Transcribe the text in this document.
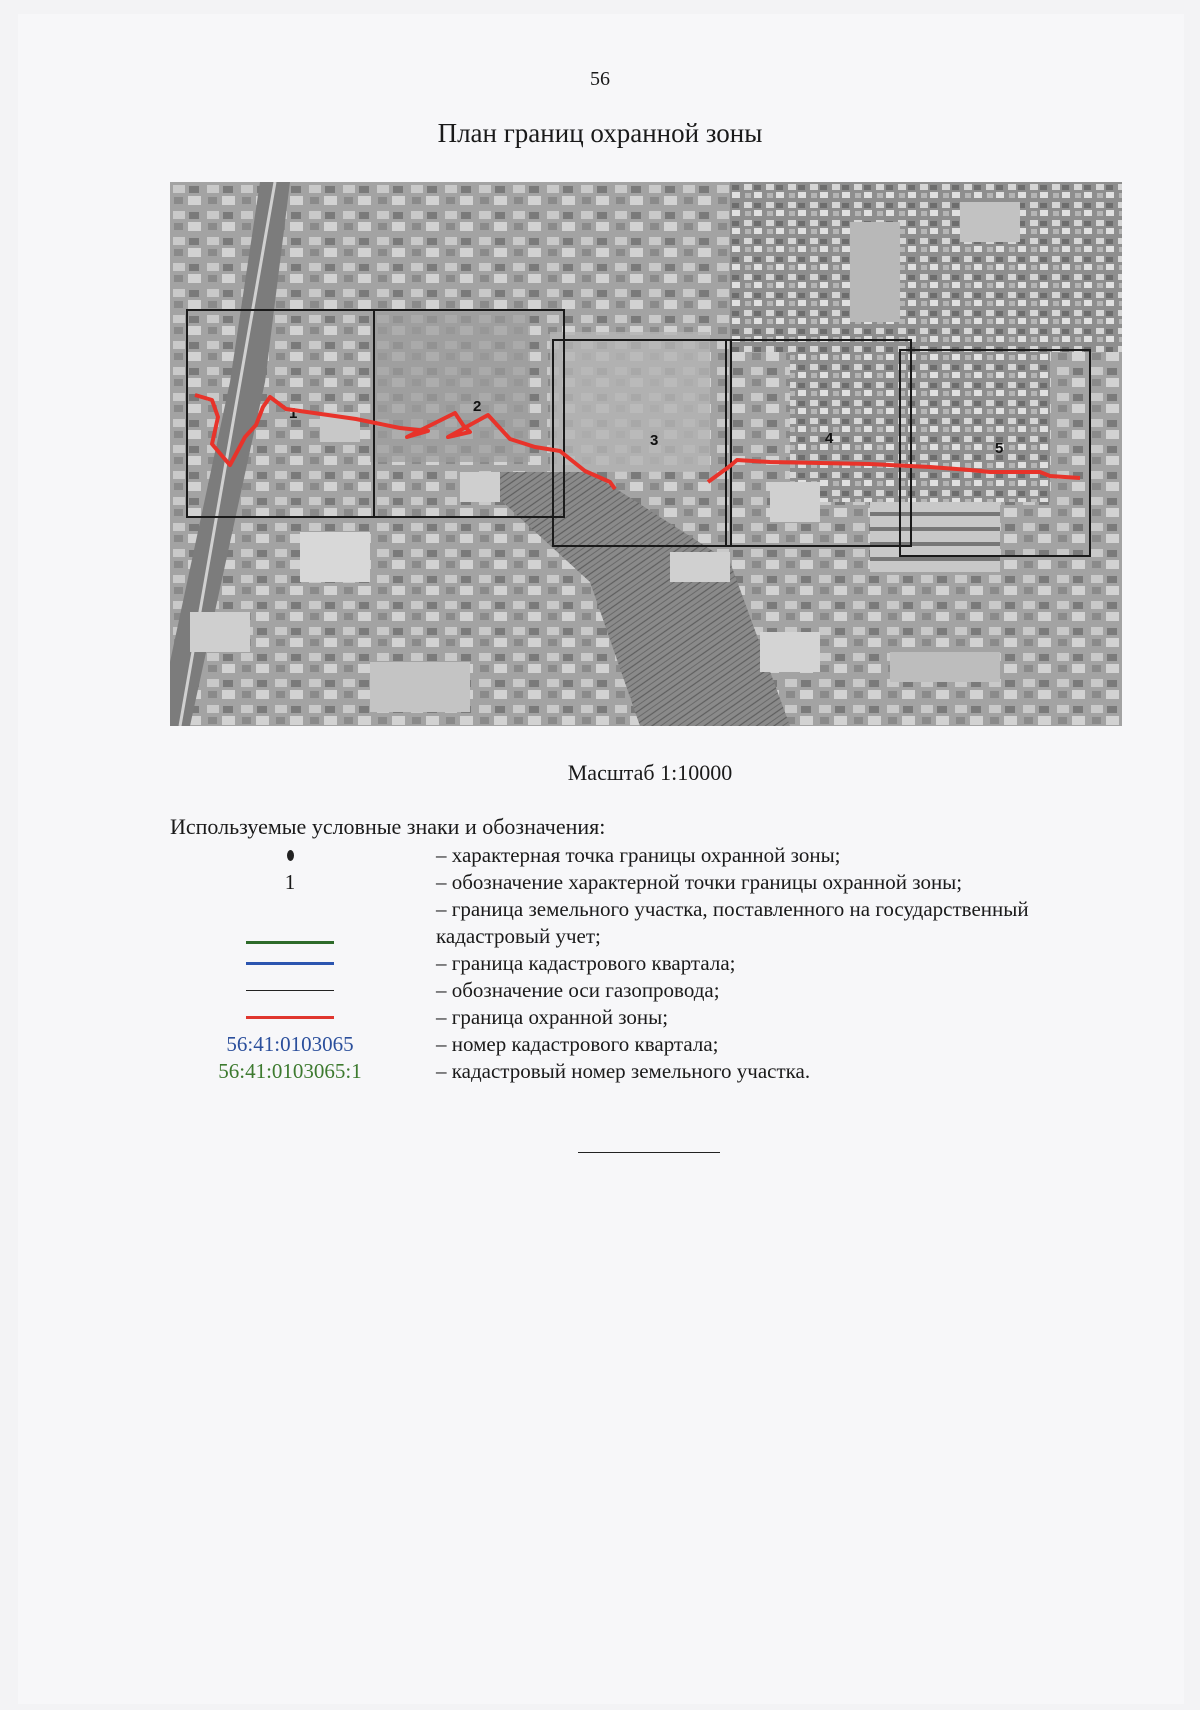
56
План границ охранной зоны
1	2
3	4
5
Масштаб 1:10000
Используемые условные знаки и обозначения:
– характерная точка границы охранной зоны;
1	– обозначение характерной точки границы охранной зоны;
– граница земельного участка, поставленного на государственный кадастровый учет;
– граница кадастрового квартала;
– обозначение оси газопровода;
– граница охранной зоны;
56:41:0103065	– номер кадастрового квартала;
56:41:0103065:1	– кадастровый номер земельного участка.
